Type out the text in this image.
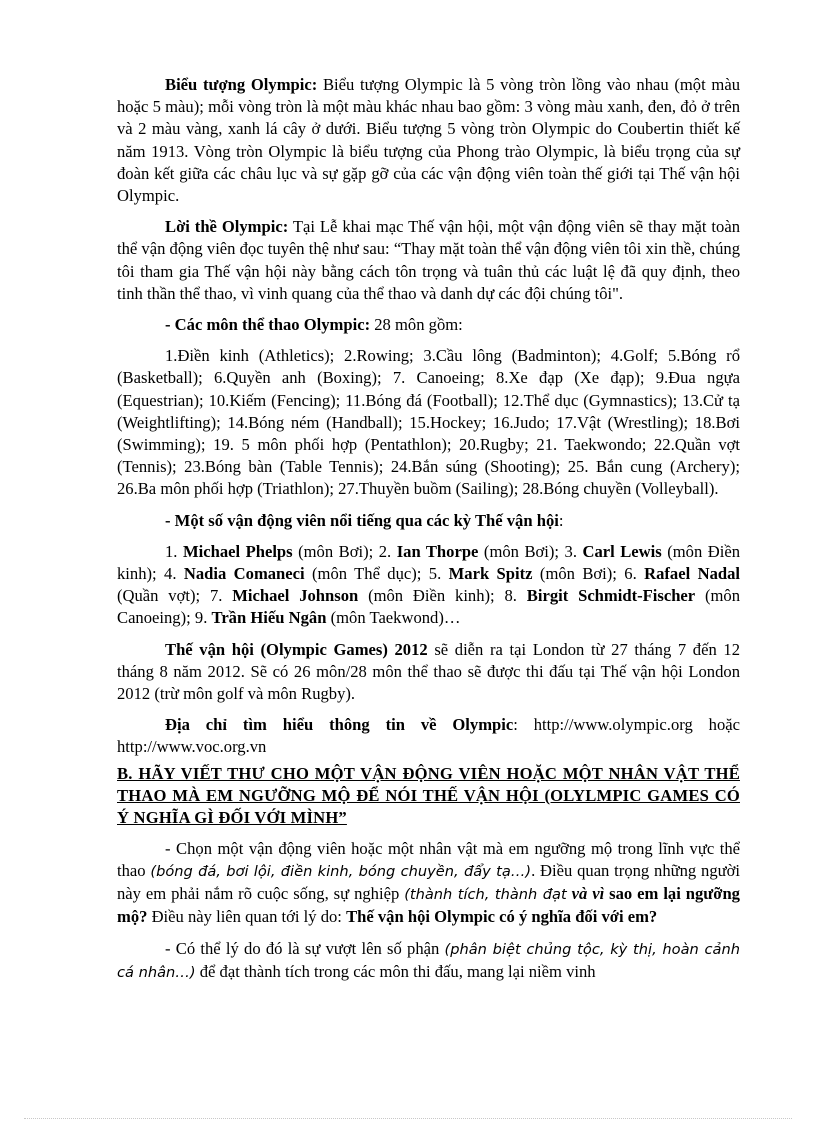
Biểu tượng Olympic: Biểu tượng Olympic là 5 vòng tròn lồng vào nhau (một màu hoặc 5 màu); mỗi vòng tròn là một màu khác nhau bao gồm: 3 vòng màu xanh, đen, đỏ ở trên và 2 màu vàng, xanh lá cây ở dưới. Biểu tượng 5 vòng tròn Olympic do Coubertin thiết kế năm 1913. Vòng tròn Olympic là biểu tượng của Phong trào Olympic, là biểu trọng của sự đoàn kết giữa các châu lục và sự gặp gỡ của các vận động viên toàn thế giới tại Thế vận hội Olympic.

Lời thề Olympic: Tại Lễ khai mạc Thế vận hội, một vận động viên sẽ thay mặt toàn thể vận động viên đọc tuyên thệ như sau: “Thay mặt toàn thể vận động viên tôi xin thề, chúng tôi tham gia Thế vận hội này bằng cách tôn trọng và tuân thủ các luật lệ đã quy định, theo tinh thần thể thao, vì vinh quang của thể thao và danh dự các đội chúng tôi".

- Các môn thể thao Olympic: 28 môn gồm:

1.Điền kinh (Athletics); 2.Rowing; 3.Cầu lông (Badminton); 4.Golf; 5.Bóng rổ (Basketball); 6.Quyền anh (Boxing); 7. Canoeing; 8.Xe đạp (Xe đạp); 9.Đua ngựa (Equestrian); 10.Kiếm (Fencing); 11.Bóng đá (Football); 12.Thể dục (Gymnastics); 13.Cử tạ (Weightlifting); 14.Bóng ném (Handball); 15.Hockey; 16.Judo; 17.Vật (Wrestling); 18.Bơi (Swimming); 19. 5 môn phối hợp (Pentathlon); 20.Rugby; 21. Taekwondo; 22.Quần vợt (Tennis); 23.Bóng bàn (Table Tennis); 24.Bắn súng (Shooting); 25. Bắn cung (Archery); 26.Ba môn phối hợp (Triathlon); 27.Thuyền buồm (Sailing); 28.Bóng chuyền (Volleyball).

- Một số vận động viên nổi tiếng qua các kỳ Thế vận hội:

1. Michael Phelps (môn Bơi); 2. Ian Thorpe (môn Bơi); 3. Carl Lewis (môn Điền kinh); 4. Nadia Comaneci (môn Thể dục); 5. Mark Spitz (môn Bơi); 6. Rafael Nadal (Quần vợt); 7. Michael Johnson (môn Điền kinh); 8. Birgit Schmidt-Fischer (môn Canoeing); 9. Trần Hiếu Ngân (môn Taekwond)…

Thế vận hội (Olympic Games) 2012 sẽ diễn ra tại London từ 27 tháng 7 đến 12 tháng 8 năm 2012. Sẽ có 26 môn/28 môn thể thao sẽ được thi đấu tại Thế vận hội London 2012 (trừ môn golf và môn Rugby).

Địa chỉ tìm hiểu thông tin về Olympic: http://www.olympic.org hoặc http://www.voc.org.vn

B. HÃY VIẾT THƯ CHO MỘT VẬN ĐỘNG VIÊN HOẶC MỘT NHÂN VẬT THỂ THAO MÀ EM NGƯỠNG MỘ ĐỂ NÓI THẾ VẬN HỘI (OLYLMPIC GAMES CÓ Ý NGHĨA GÌ ĐỐI VỚI MÌNH”

- Chọn một vận động viên hoặc một nhân vật mà em ngưỡng mộ trong lĩnh vực thể thao (bóng đá, bơi lội, điền kinh, bóng chuyền, đẩy tạ…). Điều quan trọng những người này em phải nắm rõ cuộc sống, sự nghiệp (thành tích, thành đạt và vì sao em lại ngưỡng mộ? Điều này liên quan tới lý do: Thế vận hội Olympic có ý nghĩa đối với em?

- Có thể lý do đó là sự vượt lên số phận (phân biệt chủng tộc, kỳ thị, hoàn cảnh cá nhân…) để đạt thành tích trong các môn thi đấu, mang lại niềm vinh
